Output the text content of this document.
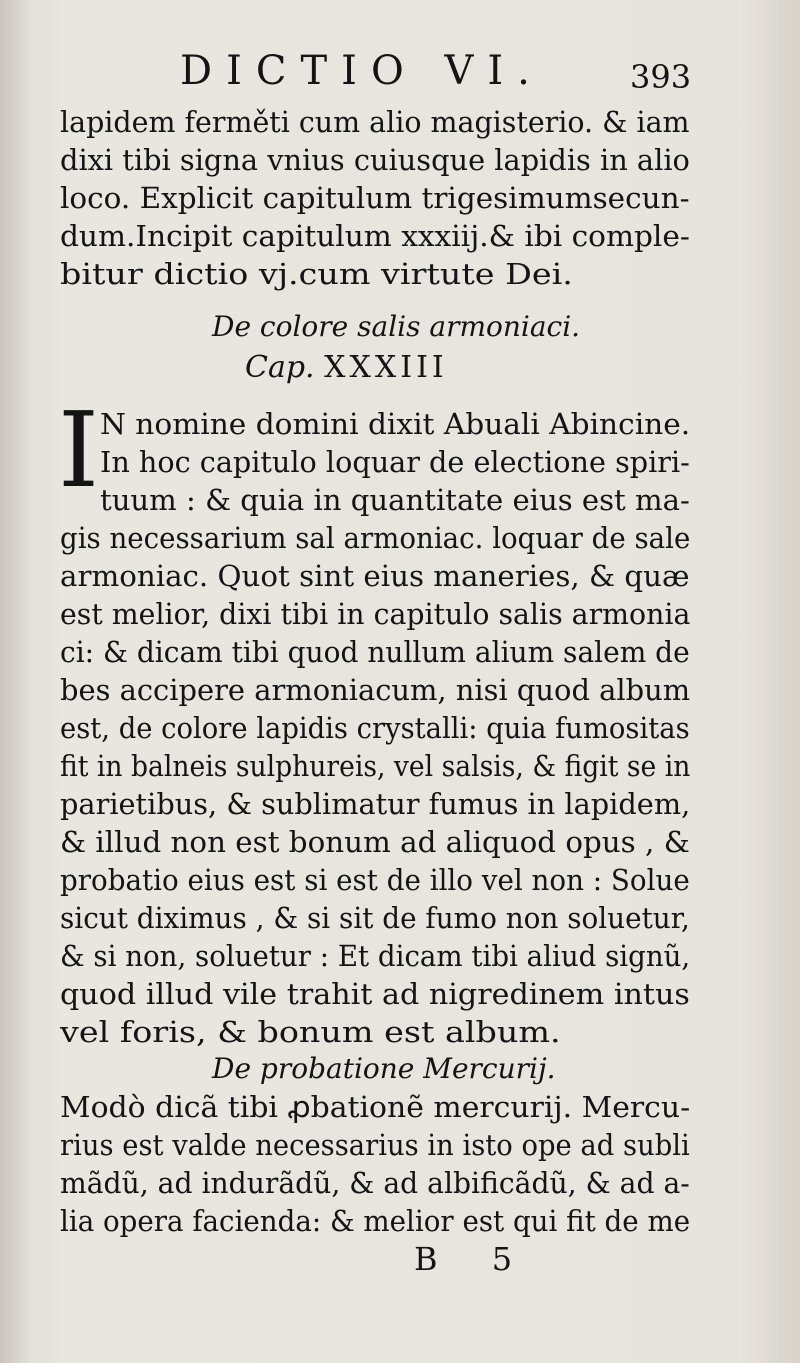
DICTIO VI.	393
lapidem ferměti cum alio magisterio. & iam
dixi tibi signa vnius cuiusque lapidis in alio
loco. Explicit capitulum trigesimumsecun-
dum.Incipit capitulum xxxiij.& ibi comple-
bitur dictio vj.cum virtute Dei.
De colore salis armoniaci.
Cap. XXXIII
I N nomine domini dixit Abuali Abincine.
In hoc capitulo loquar de electione spiri-
tuum : & quia in quantitate eius est ma-
gis necessarium sal armoniac. loquar de sale
armoniac. Quot sint eius maneries, & quæ
est melior, dixi tibi in capitulo salis armonia
ci: & dicam tibi quod nullum alium salem de
bes accipere armoniacum, nisi quod album
est, de colore lapidis crystalli: quia fumositas
fit in balneis sulphureis, vel salsis, & figit se in
parietibus, & sublimatur fumus in lapidem,
& illud non est bonum ad aliquod opus , &
probatio eius est si est de illo vel non : Solue
sicut diximus , & si sit de fumo non soluetur,
& si non, soluetur : Et dicam tibi aliud signũ,
quod illud vile trahit ad nigredinem intus
vel foris, & bonum est album.
De probatione Mercurij.
Modò dicã tibi ꝓbationẽ mercurij. Mercu-
rius est valde necessarius in isto ope ad subli
mãdũ, ad indurãdũ, & ad albificãdũ, & ad a-
lia opera facienda: & melior est qui fit de me
B 5
